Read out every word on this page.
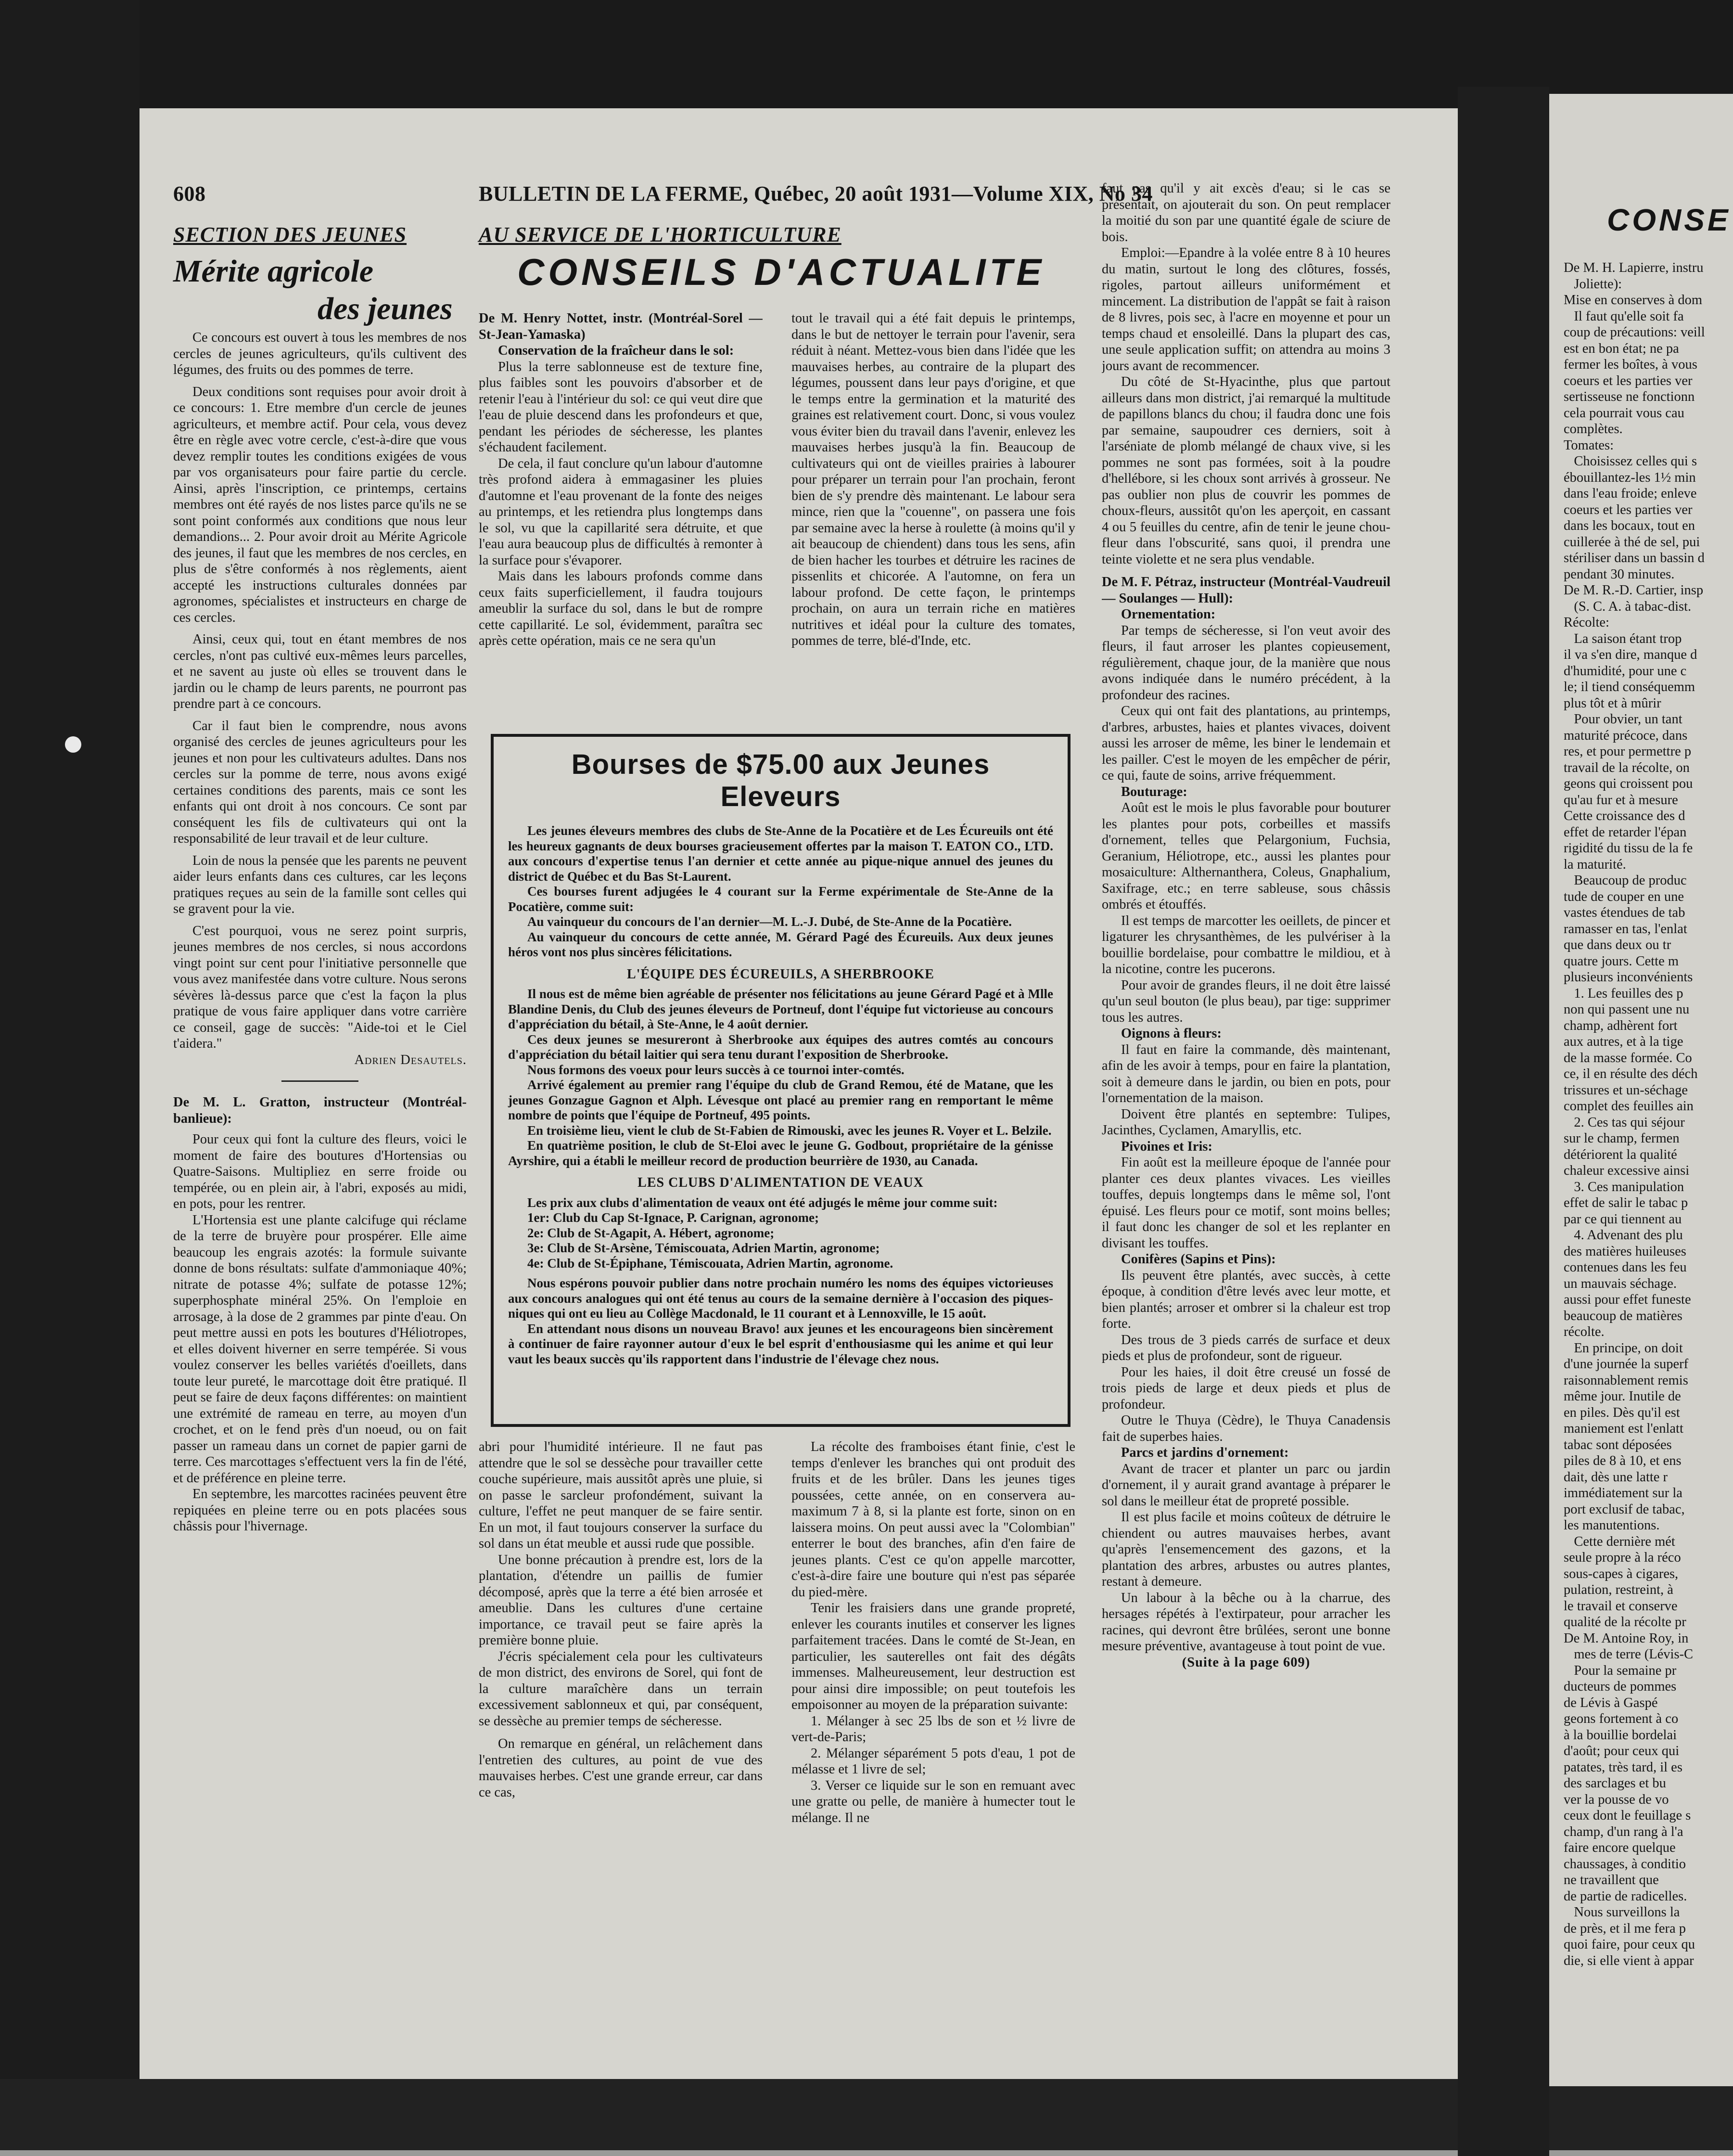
608	BULLETIN DE LA FERME, Québec, 20 août 1931—Volume XIX, No 34
SECTION DES JEUNES	AU SERVICE DE L'HORTICULTURE
Mérite agricole
des jeunes
CONSEILS D'ACTUALITE

Ce concours est ouvert à tous les membres de nos cercles de jeunes agriculteurs, qu'ils cultivent des légumes, des fruits ou des pommes de terre.

Deux conditions sont requises pour avoir droit à ce concours: 1. Etre membre d'un cercle de jeunes agriculteurs, et membre actif. Pour cela, vous devez être en règle avec votre cercle, c'est-à-dire que vous devez remplir toutes les conditions exigées de vous par vos organisateurs pour faire partie du cercle. Ainsi, après l'inscription, ce printemps, certains membres ont été rayés de nos listes parce qu'ils ne se sont point conformés aux conditions que nous leur demandions... 2. Pour avoir droit au Mérite Agricole des jeunes, il faut que les membres de nos cercles, en plus de s'être conformés à nos règlements, aient accepté les instructions culturales données par agronomes, spécialistes et instructeurs en charge de ces cercles.

Ainsi, ceux qui, tout en étant membres de nos cercles, n'ont pas cultivé eux-mêmes leurs parcelles, et ne savent au juste où elles se trouvent dans le jardin ou le champ de leurs parents, ne pourront pas prendre part à ce concours.

Car il faut bien le comprendre, nous avons organisé des cercles de jeunes agriculteurs pour les jeunes et non pour les cultivateurs adultes. Dans nos cercles sur la pomme de terre, nous avons exigé certaines conditions des parents, mais ce sont les enfants qui ont droit à nos concours. Ce sont par conséquent les fils de cultivateurs qui ont la responsabilité de leur travail et de leur culture.

Loin de nous la pensée que les parents ne peuvent aider leurs enfants dans ces cultures, car les leçons pratiques reçues au sein de la famille sont celles qui se gravent pour la vie.

C'est pourquoi, vous ne serez point surpris, jeunes membres de nos cercles, si nous accordons vingt point sur cent pour l'initiative personnelle que vous avez manifestée dans votre culture. Nous serons sévères là-dessus parce que c'est la façon la plus pratique de vous faire appliquer dans votre carrière ce conseil, gage de succès: "Aide-toi et le Ciel t'aidera."

Adrien Desautels.

De M. L. Gratton, instructeur (Montréal-banlieue):

Pour ceux qui font la culture des fleurs, voici le moment de faire des boutures d'Hortensias ou Quatre-Saisons. Multipliez en serre froide ou tempérée, ou en plein air, à l'abri, exposés au midi, en pots, pour les rentrer.

L'Hortensia est une plante calcifuge qui réclame de la terre de bruyère pour prospérer. Elle aime beaucoup les engrais azotés: la formule suivante donne de bons résultats: sulfate d'ammoniaque 40%; nitrate de potasse 4%; sulfate de potasse 12%; superphosphate minéral 25%. On l'emploie en arrosage, à la dose de 2 grammes par pinte d'eau. On peut mettre aussi en pots les boutures d'Héliotropes, et elles doivent hiverner en serre tempérée. Si vous voulez conserver les belles variétés d'oeillets, dans toute leur pureté, le marcottage doit être pratiqué. Il peut se faire de deux façons différentes: on maintient une extrémité de rameau en terre, au moyen d'un crochet, et on le fend près d'un noeud, ou on fait passer un rameau dans un cornet de papier garni de terre. Ces marcottages s'effectuent vers la fin de l'été, et de préférence en pleine terre.

En septembre, les marcottes racinées peuvent être repiquées en pleine terre ou en pots placées sous châssis pour l'hivernage.

De M. Henry Nottet, instr. (Montréal-Sorel — St-Jean-Yamaska)

Conservation de la fraîcheur dans le sol:

Plus la terre sablonneuse est de texture fine, plus faibles sont les pouvoirs d'absorber et de retenir l'eau à l'intérieur du sol: ce qui veut dire que l'eau de pluie descend dans les profondeurs et que, pendant les périodes de sécheresse, les plantes s'échaudent facilement.

De cela, il faut conclure qu'un labour d'automne très profond aidera à emmagasiner les pluies d'automne et l'eau provenant de la fonte des neiges au printemps, et les retiendra plus longtemps dans le sol, vu que la capillarité sera détruite, et que l'eau aura beaucoup plus de difficultés à remonter à la surface pour s'évaporer.

Mais dans les labours profonds comme dans ceux faits superficiellement, il faudra toujours ameublir la surface du sol, dans le but de rompre cette capillarité. Le sol, évidemment, paraîtra sec après cette opération, mais ce ne sera qu'un

tout le travail qui a été fait depuis le printemps, dans le but de nettoyer le terrain pour l'avenir, sera réduit à néant. Mettez-vous bien dans l'idée que les mauvaises herbes, au contraire de la plupart des légumes, poussent dans leur pays d'origine, et que le temps entre la germination et la maturité des graines est relativement court. Donc, si vous voulez vous éviter bien du travail dans l'avenir, enlevez les mauvaises herbes jusqu'à la fin. Beaucoup de cultivateurs qui ont de vieilles prairies à labourer pour préparer un terrain pour l'an prochain, feront bien de s'y prendre dès maintenant. Le labour sera mince, rien que la "couenne", on passera une fois par semaine avec la herse à roulette (à moins qu'il y ait beaucoup de chiendent) dans tous les sens, afin de bien hacher les tourbes et détruire les racines de pissenlits et chicorée. A l'automne, on fera un labour profond. De cette façon, le printemps prochain, on aura un terrain riche en matières nutritives et idéal pour la culture des tomates, pommes de terre, blé-d'Inde, etc.

Bourses de $75.00 aux Jeunes Eleveurs

Les jeunes éleveurs membres des clubs de Ste-Anne de la Pocatière et de Les Écureuils ont été les heureux gagnants de deux bourses gracieusement offertes par la maison T. EATON CO., LTD. aux concours d'expertise tenus l'an dernier et cette année au pique-nique annuel des jeunes du district de Québec et du Bas St-Laurent.

Ces bourses furent adjugées le 4 courant sur la Ferme expérimentale de Ste-Anne de la Pocatière, comme suit:

Au vainqueur du concours de l'an dernier—M. L.-J. Dubé, de Ste-Anne de la Pocatière.

Au vainqueur du concours de cette année, M. Gérard Pagé des Écureuils. Aux deux jeunes héros vont nos plus sincères félicitations.

L'ÉQUIPE DES ÉCUREUILS, A SHERBROOKE

Il nous est de même bien agréable de présenter nos félicitations au jeune Gérard Pagé et à Mlle Blandine Denis, du Club des jeunes éleveurs de Portneuf, dont l'équipe fut victorieuse au concours d'appréciation du bétail, à Ste-Anne, le 4 août dernier.

Ces deux jeunes se mesureront à Sherbrooke aux équipes des autres comtés au concours d'appréciation du bétail laitier qui sera tenu durant l'exposition de Sherbrooke.

Nous formons des voeux pour leurs succès à ce tournoi inter-comtés.

Arrivé également au premier rang l'équipe du club de Grand Remou, été de Matane, que les jeunes Gonzague Gagnon et Alph. Lévesque ont placé au premier rang en remportant le même nombre de points que l'équipe de Portneuf, 495 points.

En troisième lieu, vient le club de St-Fabien de Rimouski, avec les jeunes R. Voyer et L. Belzile.

En quatrième position, le club de St-Eloi avec le jeune G. Godbout, propriétaire de la génisse Ayrshire, qui a établi le meilleur record de production beurrière de 1930, au Canada.

LES CLUBS D'ALIMENTATION DE VEAUX

Les prix aux clubs d'alimentation de veaux ont été adjugés le même jour comme suit:

1er: Club du Cap St-Ignace, P. Carignan, agronome;
2e: Club de St-Agapit, A. Hébert, agronome;
3e: Club de St-Arsène, Témiscouata, Adrien Martin, agronome;
4e: Club de St-Épiphane, Témiscouata, Adrien Martin, agronome.

Nous espérons pouvoir publier dans notre prochain numéro les noms des équipes victorieuses aux concours analogues qui ont été tenus au cours de la semaine dernière à l'occasion des piques-niques qui ont eu lieu au Collège Macdonald, le 11 courant et à Lennoxville, le 15 août.

En attendant nous disons un nouveau Bravo! aux jeunes et les encourageons bien sincèrement à continuer de faire rayonner autour d'eux le bel esprit d'enthousiasme qui les anime et qui leur vaut les beaux succès qu'ils rapportent dans l'industrie de l'élevage chez nous.

abri pour l'humidité intérieure. Il ne faut pas attendre que le sol se dessèche pour travailler cette couche supérieure, mais aussitôt après une pluie, si on passe le sarcleur profondément, suivant la culture, l'effet ne peut manquer de se faire sentir. En un mot, il faut toujours conserver la surface du sol dans un état meuble et aussi rude que possible.

Une bonne précaution à prendre est, lors de la plantation, d'étendre un paillis de fumier décomposé, après que la terre a été bien arrosée et ameublie. Dans les cultures d'une certaine importance, ce travail peut se faire après la première bonne pluie.

J'écris spécialement cela pour les cultivateurs de mon district, des environs de Sorel, qui font de la culture maraîchère dans un terrain excessivement sablonneux et qui, par conséquent, se dessèche au premier temps de sécheresse.

On remarque en général, un relâchement dans l'entretien des cultures, au point de vue des mauvaises herbes. C'est une grande erreur, car dans ce cas,

La récolte des framboises étant finie, c'est le temps d'enlever les branches qui ont produit des fruits et de les brûler. Dans les jeunes tiges poussées, cette année, on en conservera au-maximum 7 à 8, si la plante est forte, sinon on en laissera moins. On peut aussi avec la "Colombian" enterrer le bout des branches, afin d'en faire de jeunes plants. C'est ce qu'on appelle marcotter, c'est-à-dire faire une bouture qui n'est pas séparée du pied-mère.

Tenir les fraisiers dans une grande propreté, enlever les courants inutiles et conserver les lignes parfaitement tracées. Dans le comté de St-Jean, en particulier, les sauterelles ont fait des dégâts immenses. Malheureusement, leur destruction est pour ainsi dire impossible; on peut toutefois les empoisonner au moyen de la préparation suivante:

1. Mélanger à sec 25 lbs de son et ½ livre de vert-de-Paris;

2. Mélanger séparément 5 pots d'eau, 1 pot de mélasse et 1 livre de sel;

3. Verser ce liquide sur le son en remuant avec une gratte ou pelle, de manière à humecter tout le mélange. Il ne

faut pas qu'il y ait excès d'eau; si le cas se présentait, on ajouterait du son. On peut remplacer la moitié du son par une quantité égale de sciure de bois.

Emploi:—Epandre à la volée entre 8 à 10 heures du matin, surtout le long des clôtures, fossés, rigoles, partout ailleurs uniformément et mincement. La distribution de l'appât se fait à raison de 8 livres, pois sec, à l'acre en moyenne et pour un temps chaud et ensoleillé. Dans la plupart des cas, une seule application suffit; on attendra au moins 3 jours avant de recommencer.

Du côté de St-Hyacinthe, plus que partout ailleurs dans mon district, j'ai remarqué la multitude de papillons blancs du chou; il faudra donc une fois par semaine, saupoudrer ces derniers, soit à l'arséniate de plomb mélangé de chaux vive, si les pommes ne sont pas formées, soit à la poudre d'hellébore, si les choux sont arrivés à grosseur. Ne pas oublier non plus de couvrir les pommes de choux-fleurs, aussitôt qu'on les aperçoit, en cassant 4 ou 5 feuilles du centre, afin de tenir le jeune chou-fleur dans l'obscurité, sans quoi, il prendra une teinte violette et ne sera plus vendable.

De M. F. Pétraz, instructeur (Montréal-Vaudreuil — Soulanges — Hull):

Ornementation:

Par temps de sécheresse, si l'on veut avoir des fleurs, il faut arroser les plantes copieusement, régulièrement, chaque jour, de la manière que nous avons indiquée dans le numéro précédent, à la profondeur des racines.

Ceux qui ont fait des plantations, au printemps, d'arbres, arbustes, haies et plantes vivaces, doivent aussi les arroser de même, les biner le lendemain et les pailler. C'est le moyen de les empêcher de périr, ce qui, faute de soins, arrive fréquemment.

Bouturage:

Août est le mois le plus favorable pour bouturer les plantes pour pots, corbeilles et massifs d'ornement, telles que Pelargonium, Fuchsia, Geranium, Héliotrope, etc., aussi les plantes pour mosaiculture: Althernanthera, Coleus, Gnaphalium, Saxifrage, etc.; en terre sableuse, sous châssis ombrés et étouffés.

Il est temps de marcotter les oeillets, de pincer et ligaturer les chrysanthèmes, de les pulvériser à la bouillie bordelaise, pour combattre le mildiou, et à la nicotine, contre les pucerons.

Pour avoir de grandes fleurs, il ne doit être laissé qu'un seul bouton (le plus beau), par tige: supprimer tous les autres.

Oignons à fleurs:

Il faut en faire la commande, dès maintenant, afin de les avoir à temps, pour en faire la plantation, soit à demeure dans le jardin, ou bien en pots, pour l'ornementation de la maison.

Doivent être plantés en septembre: Tulipes, Jacinthes, Cyclamen, Amaryllis, etc.

Pivoines et Iris:

Fin août est la meilleure époque de l'année pour planter ces deux plantes vivaces. Les vieilles touffes, depuis longtemps dans le même sol, l'ont épuisé. Les fleurs pour ce motif, sont moins belles; il faut donc les changer de sol et les replanter en divisant les touffes.

Conifères (Sapins et Pins):

Ils peuvent être plantés, avec succès, à cette époque, à condition d'être levés avec leur motte, et bien plantés; arroser et ombrer si la chaleur est trop forte.

Des trous de 3 pieds carrés de surface et deux pieds et plus de profondeur, sont de rigueur.

Pour les haies, il doit être creusé un fossé de trois pieds de large et deux pieds et plus de profondeur.

Outre le Thuya (Cèdre), le Thuya Canadensis fait de superbes haies.

Parcs et jardins d'ornement:

Avant de tracer et planter un parc ou jardin d'ornement, il y aurait grand avantage à préparer le sol dans le meilleur état de propreté possible.

Il est plus facile et moins coûteux de détruire le chiendent ou autres mauvaises herbes, avant qu'après l'ensemencement des gazons, et la plantation des arbres, arbustes ou autres plantes, restant à demeure.

Un labour à la bêche ou à la charrue, des hersages répétés à l'extirpateur, pour arracher les racines, qui devront être brûlées, seront une bonne mesure préventive, avantageuse à tout point de vue.

(Suite à la page 609)

CONSE
De M. H. Lapierre, instru
Joliette):
Mise en conserves à dom
Il faut qu'elle soit fa
coup de précautions: veill
est en bon état; ne pa
fermer les boîtes, à vous
coeurs et les parties ver
sertisseuse ne fonctionn
cela pourrait vous cau
complètes.
Tomates:
Choisissez celles qui s
ébouillantez-les 1½ min
dans l'eau froide; enleve
coeurs et les parties ver
dans les bocaux, tout en
cuillerée à thé de sel, pui
stériliser dans un bassin d
pendant 30 minutes.
De M. R.-D. Cartier, insp
(S. C. A. à tabac-dist.
Récolte:
La saison étant trop
il va s'en dire, manque d
d'humidité, pour une c
le; il tiend conséquemm
plus tôt et à mûrir
Pour obvier, un tant
maturité précoce, dans
res, et pour permettre p
travail de la récolte, on
geons qui croissent pou
qu'au fur et à mesure
Cette croissance des d
effet de retarder l'épan
rigidité du tissu de la fe
la maturité.
Beaucoup de produc
tude de couper en une
vastes étendues de tab
ramasser en tas, l'enlat
que dans deux ou tr
quatre jours. Cette m
plusieurs inconvénients
1. Les feuilles des p
non qui passent une nu
champ, adhèrent fort
aux autres, et à la tige
de la masse formée. Co
ce, il en résulte des déch
trissures et un-séchage
complet des feuilles ain
2. Ces tas qui séjour
sur le champ, fermen
détériorent la qualité
chaleur excessive ainsi
3. Ces manipulation
effet de salir le tabac p
par ce qui tiennent au
4. Advenant des plu
des matières huileuses
contenues dans les feu
un mauvais séchage.
aussi pour effet funeste
beaucoup de matières
récolte.
En principe, on doit
d'une journée la superf
raisonnablement remis
même jour. Inutile de
en piles. Dès qu'il est
maniement est l'enlatt
tabac sont déposées
piles de 8 à 10, et ens
dait, dès une latte r
immédiatement sur la
port exclusif de tabac,
les manutentions.
Cette dernière mét
seule propre à la réco
sous-capes à cigares,
pulation, restreint, à
le travail et conserve
qualité de la récolte pr
De M. Antoine Roy, in
mes de terre (Lévis-C
Pour la semaine pr
ducteurs de pommes
de Lévis à Gaspé
geons fortement à co
à la bouillie bordelai
d'août; pour ceux qui
patates, très tard, il es
des sarclages et bu
ver la pousse de vo
ceux dont le feuillage s
champ, d'un rang à l'a
faire encore quelque
chaussages, à conditio
ne travaillent que
de partie de radicelles.
Nous surveillons la
de près, et il me fera p
quoi faire, pour ceux qu
die, si elle vient à appar
